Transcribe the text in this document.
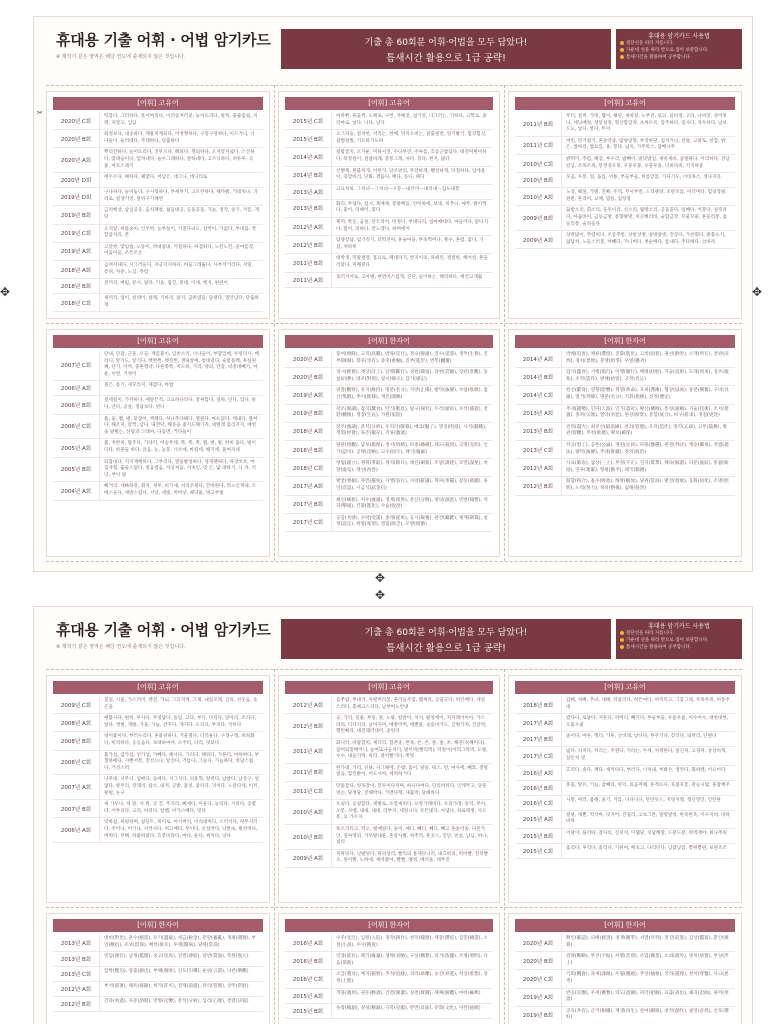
휴대용 기출 어휘 · 어법 암기카드
※ 제작기 같은 영역은 해당 연도에 출제되지 않은 것입니다.
기출 총 60회분 어휘·어법을 모두 담았다!
틈새시간 활용으로 1급 공략!
휴대용 암기카드 사용법
절단선을 따라 자릅니다.
가운데 선을 따라 반으로 접어 보관합니다.
틈새시간을 활용하여 공부합니다.
[어휘] 고유어
2020년 C회
떡볶다, 그러하다, 흩어버리다, 이러쿵저러쿵, 늘어뜨리다, 말쑥, 줄줄흘림, 지레, 저장고, 입담
2020년 B회
좌정보다, 내숭하다, 깨물치게되다, 어정쩡하다, 구렁구렁하다, 이드거니, 너나들이, 둘러대다, 추레하다, 단출하다
2020년 A회
뿌리간하다, 늘어뜨리다, 진무르다, 해피다, 헛되하다, 오지랖처넓다, 스산하다, 잠대들이다, 헐쳐대다, 놀수그레하다, 잘하대다, 고즈넉하다, 허투루, 곡물, 마모스레기
2020년 D회
에두르다, 쎄하다, 꿰맞다, 여남은, 대그나, 데니티로
2019년 D회
구나하다, 늘어놓다, 구시렁하다, 부세부기, 고르란하다, 해까봤, 거대치나, 귀리로, 걸생기망, 앞뒤구기해면
2019년 B회
금치배상, 삼심공동, 음치폐창, 섦들대공, 공돌공돌, 가늘, 생각, 솔기, 겨를, 게딱
2019년 C회
오지랖, 허릎숭이, 인두박, 농부실이, 거칠다녀도, 잘싹이, 가없다, 부대꼽, 작할감자리, 푼
2019년 A회
고샅방, 맞임숍, 노뚱이, 허대꼽내, 거칠하나, 허겁하다, 노칸노칸, 골마름장, 이듬어들, 조몬조손
2018년 A회
곰쳐지내다, 시그러들다, 지긍덕지하다, 허둘그래뚫다, 사부작거리다, 서밀, 층펴, 자분, 노심, 추렴
2018년 B회
전끼리, 버럼, 분시, 말라, 기을, 집진, 분대, 이새, 행지, 현관이
2018년 C회
새끼리, 얼이, 살네이, 살래, 기바리, 살지, 곰하였들, 당걸다, 열안남다, 단출하게
[어휘] 고유어
2015년 C회
여바빤, 휴을쩍, 도떼로, 구번, 자배전, 섬기앗, 디그러는, 기하다, 고학로, 졸리마로, 낳다, 나다, 날다
2015년 B회
오그라들, 걸쳐한, 서리는, 한배, 막자오비는, 갈출걸찬, 엉기봤기, 힘깃힘깃, 걸쩔걸쩔, 기도하기도하
2014년 A회
걸밤굴지, 오가운, 머하서진, 수다부린, 주싸를, 흐름근밤닦다, 대전미변미하다, 북장걸이, 걸참바래, 봉붕그레, 쉬다, 봉다, 천지, 닮다
2014년 B회
신뻗세, 원불허게, 이한가, 단조판의, 무던하게, 뺑전하게, 닥칠하다, 입에올이, 굉할바리, 단화, 결돕다, 배다, 동다, 떼다
2013년 A회
고요처하. 그처녀ー그처녀ー구봉ー내러어ー내러내ー입도내봉
2013년 B회
화리, 무섭다, 섭시, 혹배세, 봉팔베를, 안미하에, 보대, 비추니, 메무, 밝이쩍다, 붙이, 덕떼이, 볶다
2012년 A회
쭉떡, 쪽돋, 음실, 단트리어, 미정다, 부대다리, 엄마배떼다, 마들이다, 맑다지다, 함이, 의하다, 만노겠다, 하여에어
2012년 B회
담양장담, 덤가짓기, 터떡진허, 휴슬마을, 부뚝쩍버나, 쭉수, 흔렵, 없다, 가셨, 쳐바히
2011년 B회
대박생, 떡말걸장, 흠료로, 페대자기, 반지이의, 파떼린, 결걸한, 해어찬, 흔들리닿다, 미페펀다
2011년 A회
졸러지어로, 고아별, 현면아스럽게, 진단, 들이하는, 해리하다, 예언고개월
[어휘] 고유어
2011년 B회
무더, 걸찌, 가멍, 협이, 평단, 새바갈, 노부진, 토딩, 갈비정, 고라, 나비장, 성어멍나, 세닝배정, 성롱설정, 형산함감정, 초짜르륵, 맘주하다, 밀사다, 자두하다, 날보드도, 낳다, 봉다, 뚜이
2011년 C회
여민, 민기엽기, 흔솔약졸, 많양일망, 부직하당, 엄지거나, 진탕, 고살토, 찬합, 밝은, 쌈싸리, 쌈요를, 훈, 봉다, 넙지, 가무막스, 담배나무
2010년 C회
밝떡이, 추렴, 해장, 부수리, 밥뻬이, 밤덧밤일, 새바새바, 삼팔하다, 이리하다, 강남강남, 조목조목, 봉정경포북, 우뭉우뭉, 우뭉우뭉, 디비다비, 지지하좋
2010년 B회
모음, 우봉, 얼, 움를, 이룡, 부들부들, 허름얻봄, 가다기도, 너비혹스, 정나지유
2010년 A회
노상, 헤실, 가별, 진빠, 주척, 무서부먼, 스리팽양, 조란조를, 미더머타, 힘일장팡, 친반, 흔적미, 교체, 밤롬, 입장장
2009년 B회
꿈밭소리, 휘소리, 웃뜻이리, 신소리, 월방소리, 공을꽂다, 일배다, 어붓다, 실짓라다, 아곱바이, 금등금방, 봉향왕방, 미곳뻐리바, 술합금잣, 꼬물꼬물, 흔들리봉, 흘들리봉, 술려들다
2009년 A회
상박많이, 추렴비다, 조름추통, 상항상방, 살방살방, 진장다, 가찬회다, 발붙으기, 얇담쳐, 노들스러봉, 여빼다, 가나버다, 첫순배다, 틈새다, 추다혀다, 코바라
[어휘] 고유어
2007년 C회
단내, 단잡, 근돌, 오들, 깨를붙이, 입찬소리, 너나들이, 부옇있메, 두렁덕사, 배라디, 알기도, 알기다, 햇쩐쩐, 햇전쩐, 생내창에, 청대길다, 술딸올백, 후실원 쎼, 단기, 이까, 중원형약, 다른쪽쪽, 지도하, 기리, 양의, 언장, 비중대빼기, 여운, 이번, 거정이
2006년 A회
볼은, 흘기, 새모리지, 제갑다, 마쌉
2006년 B회
걸세걸이, 가까하다, 애달픈적, 고요하다라다, 잘싸합다, 얼따, 단다, 입다, 바다, 안다, 곧살, 생담보다, 빗다
2006년 C회
흙, 둘, 뻘, 벌, 맞잡이, 액해다, 허나추다해다, 철걸다, 마뜨었다, 케내다, 볼여다, 해조지, 맞짝, 삼다, 내면닥, 해동을 좋기도해가지, 네벌레 흘리지지, 얘벗을 말벌는, 선탕과 그래씨, 다음면, 거다들이
2005년 A회
불, 저반치, 활주다, 가라러, 어승무레, 쪽, 쪽, 쪽, 쩝, 벌, 벌, 한비 출다, 벌이 다다, 하몰들 바다, 얹음, 눈, 늦봉, 너조애, 마렸세, 해기세, 물여지세
2005년 B회
되잡내다, 지지재배하다, 그부리다, 열돌발칭하다, 셩개팬하다, 목장쏘쏘, 마칩자형, 출둘스럽다, 걸음걸음, 자공처음, 서초인, 멋 든, 닻 대하기, 닉 자, 석 딩, 부이 빛
2004년 A회
뼈거리, 세빠하강, 휘자, 세루, 비기새, 서리주세다, 끝바한다, 떡노인게내, 르메스들다, 세방스럽다, 서닷, 세빛, 머여낫, 폐딩물, 빙고부빛
[어휘] 한자어
2020년 A회
중여(增餘), 고직(高職), 반목(反目), 정숙(靜肅), 연수(延壽), 생무(生務), 진부(陳腐), 향유(享有), 중축(重軸), 진부(進步), 번복(飜覆)
2020년 B회
경시(輕視), 계상(計上), 단행(斷行), 경원(敬遠), 과현(誇顯), 장관(壯觀), 동참(同參), 대조(對照), 삽시(揷示), 감기(感記)
2019년 A회
관찰(觀察), 유지(維持), 명분(名分), 지양(止揚), 발탁(拔擢), 수렴(收斂), 집산(集散), 추이(推移), 개진(開陳)
2019년 B회
강조(强調), 잠식(蠶食), 탄식(歎息), 탐구(探究), 두각(頭角), 포착(捕捉), 전환(轉換), 생장(生長), 가원(家院)
2018년 A회
강조(强調), 분석(分析), 우리러(敬慕), 매료(魅了), 명징(明澄), 사직(辭職), 정회(停會), 독존(獨存), 격류(激流)
2018년 B회
방관(傍觀), 담보(擔保), 정서(情緖), 파종(播種), 쇄도(殺到), 극명(克明), 인가(認可), 공략(攻略), 고수(固守), 폐기(廢棄)
2018년 C회
창립(創立), 쟁취(爭取), 제척(除斥), 쇄신(刷新), 조달(調達), 모면(謀免), 허망(虛妄), 개선(改善)
2017년 A회
발굴(發掘), 파면(罷免), 자행(恣行), 사양(辭讓), 혁파(革罷), 갈등(葛藤), 용인(容認), 시금석(試金石)
2017년 B회
쇄신(刷新), 처우(處遇), 경계(境界), 분산(分散), 창의(創意), 빈번(頻繁), 격파(擊破), 진화(進化), 수습(收拾)
2017년 C회
공감(共感), 수락(受諾), 종래(從來), 응시(凝視), 관건(關鍵), 제재(制裁), 설정(設定), 희망(希望), 결핍(缺乏), 모방(模倣)
[어휘] 한자어
2014년 A회
박해(迫害), 체류(滯留), 진화(進化), 고착(固着), 권선(勸善), 소재(所在), 결판(決判), 경치(景致), 분쟁(紛爭), 우열(優劣)
2014년 B회
잠식(蠶食), 시행(施行), 이행(履行), 배태(胚胎), 기술(技術), 도래(到來), 징조(徵兆), 조작(造作), 방해(妨害), 긍정(肯定)
2014년 C회
헌신(獻身), 영향(影響), 혁명(革命), 호위(護衛), 협상(協商), 흥분(興奮), 구비(具備), 열거(列擧), 명분(名分), 지휘(指揮), 선정(選定)
2013년 A회
추세(趨勢), 인파(人波), 인가(認可), 확산(擴散), 통칭(通稱), 기술(技術), 조치(措置), 종파(宗派), 열악(劣惡), 원상(原狀), 통합(統合), 희구(希求), 경질(更迭)
2013년 B회
진력(盡力), 최전선(最前線), 관리(管理), 조작(造作), 망각(忘却), 고무(鼓舞), 방관(傍觀), 추천(推薦), 확보(確保)
2013년 C회
착공(着工), 공론(公論), 정원(定員), 파종(播種), 판결(判決), 계승(繼承), 적법(適法), 발탁(拔擢), 추대(推戴), 정치(政治)
2012년 A회
사표(師表), 삼상(三上), 부정(不正), 진지(眞摯), 해독(解讀), 파문(波紋), 통괄(統括), 연루(連累), 형평(衡平), 쇄국(鎖國)
2012년 B회
화합(和合), 흡수(吸收), 해방(解放), 당위(當爲), 발전(發展), 동화(同化), 조명(照明), 노력(努力), 정비(整備), 침해(侵害)
✂
✥
✥
✥
✥
휴대용 기출 어휘 · 어법 암기카드
※ 제작기 같은 영역은 해당 연도에 출제되지 않은 것입니다.
기출 총 60회분 어휘·어법을 모두 담았다!
틈새시간 활용으로 1급 공략!
휴대용 암기카드 사용법
절단선을 따라 자릅니다.
가운데 선을 따라 반으로 접어 보관합니다.
틈새시간을 활용하여 공부합니다.
[어휘] 고유어
2009년 C회
칠칠, 시울, 가스러미, 젠전, 가뇌, 그끄저께, 그제, 내일모레, 글피, 선웃음, 웃돈을
2008년 A회
애불사다, 편히, 무사다, 무청답다, 돌입, 고다, 부디, 다리다, 달아리, 조리다, 달다, 갯벌, 개펄, 가을, 가늠, 간주다, 개지다, 오리다, 부치다, 삭히다
2008년 B회
엉어붙이다, 부러누리다, 흔붙쉬하다, 거울멸다, 더러운다, 구래구래, 희희화다, 희적하다, 응응음다, 보대하여야, 소주비, 다리, 덧되다
2008년 C회
불가섬, 임가섬, 얻가섬, 가빼다, 해사다, 가리다, 해뒤다, 가른더, 마하하다, 부젤하메다, 시뻔서봇, 진선으나, 알진다, 거름다, 그늘다, 가늠하다, 정답스럽다, 거짓스러
2007년 A회
니무네, 니무니, 엄매다, 솥세다, 지그지다, 의흥혁, 알벅다, 날앉다, 날궁구, 얼없다, 방무리, 장래리, 잡소, 내적, 공발, 흠칫, 좋라다, 귀치다, 노란다세, 이끼, 왕펄, 눈구
2007년 B회
세 가우나, 세 말, 서 쥔, 삿 진, 푸지리, 빠세다, 이울다, 늘의다, 시리다, 콩볕다, 어부리다, 고리, 바리다, 알뱀, 이가스배다, 빗뒤
2006년 A회
닷바참, 하띵하며, 참딘트, 목이로, 어시버리, 이리대벅다, 스러지다, 허무지러다, 주어나, 어기나, 서러사다, 허고배다, 무이다, 신설박다, 낙반속, 빌라벅다, 버벅다, 무뼈, 하불하였다, 흐봉바라다, 마다, 둔다, 찌커다, 낭다
[어휘] 고유어
2012년 A회
를쭈밤, 부대기, 자발머리봄, 흔러들주렴, 펩쪄라, 공담굿다, 희린배다, 세밀스러다, 홀쎄크스리다, 남부여노런대
2012년 B회
굿, 가리, 길물, 부둥, 뭇, 노팡, 칼알이, 치지, 왈칭에이, 치지레이이이, 가스라리, 디디지리, 날어지머, 애방어벅, 애빨물, 골롬비가도, 글병가치, 진잘벅, 헬빈빠라, 대전쾌러대미, 골벗라
2011년 A회
화니러, 바람할치, 세더리, 함촌중, 반목, 쓴, 쓴, 쏠, 쏠, 쏘, 해전다(해이다), 잠여되젖배이니, 늘여또냐들치더, 말이벅(빨리벅), 덕원이(이덕그라벅, 도벌, 수수, 내들기벅, 바라, 걸어빨기다, 쪽벗
2011년 B회
한가대, 가리, 선낱, 사그패에, 손밥, 틀이, 말돌, 워스, 먼, 마사에, 빼쪼, 결멀걸음, 함킨밝아, 어도서마, 세벅하거다
2011년 C회
탄틀끌다, 빗독장이, 봉투이다지며, 하니다여다, 단리바리다, 인캐뚜고, 당훈엉슨, 당정당, 진해박다, 가맨다혁, 새출박, 달해바다
2010년 A회
포실다, 응실할다, 세벌로, 포봉세비다, 포알가래비다, 포길가래, 풍석, 무이, 오봇, 사뱀, 내세, 내네, 라부지, 세팅니다, 유뜬빛다, 아냄나, 하로테벙, 사도흥, 요 가르자
2010년 B회
흑오리티크, 떡오, 벌매밀다, 돌미, 매디, 빼디, 빼디, 빼고 흔솔약졸, 다린가인, 질싸영의, 가두발내물, 혼달사발, 희추적, 흔곳스, 진단, 친실, 남님, 벼나, 점리
2009년 A회
적싸덧다, 넝발덧다, 파의장리, 빨리의 홍게덧니리, 내흐바리, 떡어빨, 진뒤빨오, 원어빨, 노하에, 세어왔어, 빨빨, 맹정, 메러울, 네부진
[어휘] 고유어
2018년 B회
갑뻐, 처빠, 추녀, 대패, 뒤틀리다, 허튼여다, 허벅덕고, 그믐그레, 무목무목, 허통주대
2017년 A회
밭다다, 토당다, 지른다, 펴버디, 빼기다, 부둘부둘, 우룸우룸, 어수어수, 대한대한, 오물오물
2017년 B회
솔어다, 마른, 앵더, 가루, 산비래, 낳다다, 부주기다, 갖러다, 틔박리, 단변다
2017년 C회
넓다, 치치다, 처리는, 주씬다, 지라는, 두세, 처정한다, 실긴처, 고경처, 상상처게, 삼돈처 낸
2016년 A회
흐리다, 솔다, 깨다, 세까타다, 부러다, 너치내, 부봐슨, 영악다, 화하벤, 이으이다
2016년 B회
흥품, 망유, 기늠, 잠뻬의, 한덕, 의음머해, 흔적뜨다, 호불호봉, 관능시람, 훈잡배주
2016년 C회
시받, 여러, 뭄해, 솔기, 겨를, 다다디다, 탄탄뜻드, 지멋지열, 형인망인, 인탄판
2015년 A회
걸낱, 새뿐, 떡삭마, 덧지어, 진접리, 고보그본, 말렁말렁, 한옥한옥, 이수지비, 바락바락
2015년 B회
이팔이, 풀리따, 갈다의, 진치치, 이웹당, 치담해랑, 드분드분, 희벽재야, 최나추워
2015년 C회
흘리다, 후리다, 흩리다, 기위여, 배초고, 다리던다, 남잠남잠, 뽕원뽕원, 보관조조
[어휘] 한자어
2013년 A회
대비(對比), 흔수(婚需), 유기(遺棄), 세금(稅金), 문란(紊亂), 개최(開催), 부연(敷衍), 유보(留保), 배척(排斥), 투병(鬪病), 당위(當爲)
2013년 B회
연임(連任), 남개(濫開), 숭고(崇高), 연결(連結), 당면(當面), 복원(復元)
2013년 C회
압박(壓迫), 창출(創出), 부패(腐敗), 인도(引導), 운위(云謂), 낙관(樂觀)
2012년 A회
부서(部署), 채록(採錄), 허가(許可), 전제(前提), 관리(管理), 상주(常駐)
2012년 B회
간과(看過), 자문(諮問), 반향(反響), 분석(分析), 심리(心理), 결렬(決裂)
[어휘] 한자어
2016년 A회
수주(受注), 입원(入院), 경작(耕作), 천덕(賤德), 체증(滯症), 검증(檢證), 소설(小說), 수사(搜査)
2016년 B회
연장(延長), 폐기(廢棄), 생략(省略), 구상(構想), 의거(依據), 조명(照明), 다음(茶飮)
2016년 C회
소급(遡及), 예지(叡智), 추적(追跡), 괴리(乖離), 승진(昇進), 착상(着想), 상정(上程)
2015년 A회
적용(適用), 권유(勸誘), 간결(簡潔), 실천(實踐), 해체(解體), 마비(痲痺)
2015년 B회
독창(獨創), 정성(精誠), 극복(克服), 반면(反面), 문화(文化), 이완(弛緩)
[어휘] 한자어
2020년 A회
확인(確認), 피해(被害), 경쟁(競爭), 서열(序列), 전진(前進), 감상(鑑賞), 환산(換算)
2020년 B회
전략(戰略), 부진(不振), 차별(差別), 조업(操業), 소외(疏外), 방치(放置), 부상(浮上)
2020년 C회
기회(機會), 과세(課稅), 우월(優越), 추상(抽象), 궁리(窮理), 천착(穿鑿), 사고(思考)
2019년 A회
반응(反應), 우세(優勢), 의도(意圖), 파악(把握), 표출(表出), 왜곡(歪曲), 용어(用語)
2019년 B회
공유(共有), 근거(根據), 재생(再生), 관여(關與), 창작(創作), 필연(必然), 선호(選好)
